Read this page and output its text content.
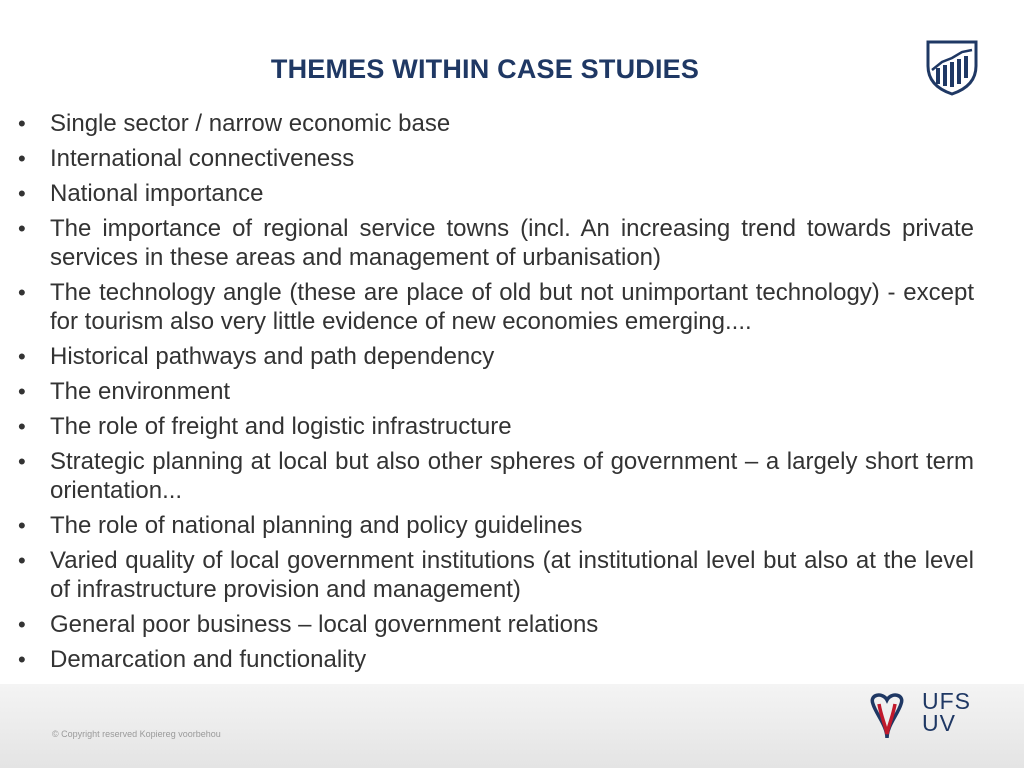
THEMES WITHIN CASE STUDIES
• Single sector / narrow economic base
• International connectiveness
• National importance
• The importance of regional service towns (incl. An increasing trend towards private services in these areas and management of urbanisation)
• The technology angle (these are place of old but not unimportant technology) - except for tourism also very little evidence of new economies emerging....
• Historical pathways and path dependency
• The environment
• The role of freight and logistic infrastructure
• Strategic planning at local but also other spheres of government – a largely short term orientation...
• The role of national planning and policy guidelines
• Varied quality of local government institutions (at institutional level but also at the level of infrastructure provision and management)
• General poor business – local government relations
• Demarcation and functionality
© Copyright reserved Kopiereg voorbehou
UFS
UV
